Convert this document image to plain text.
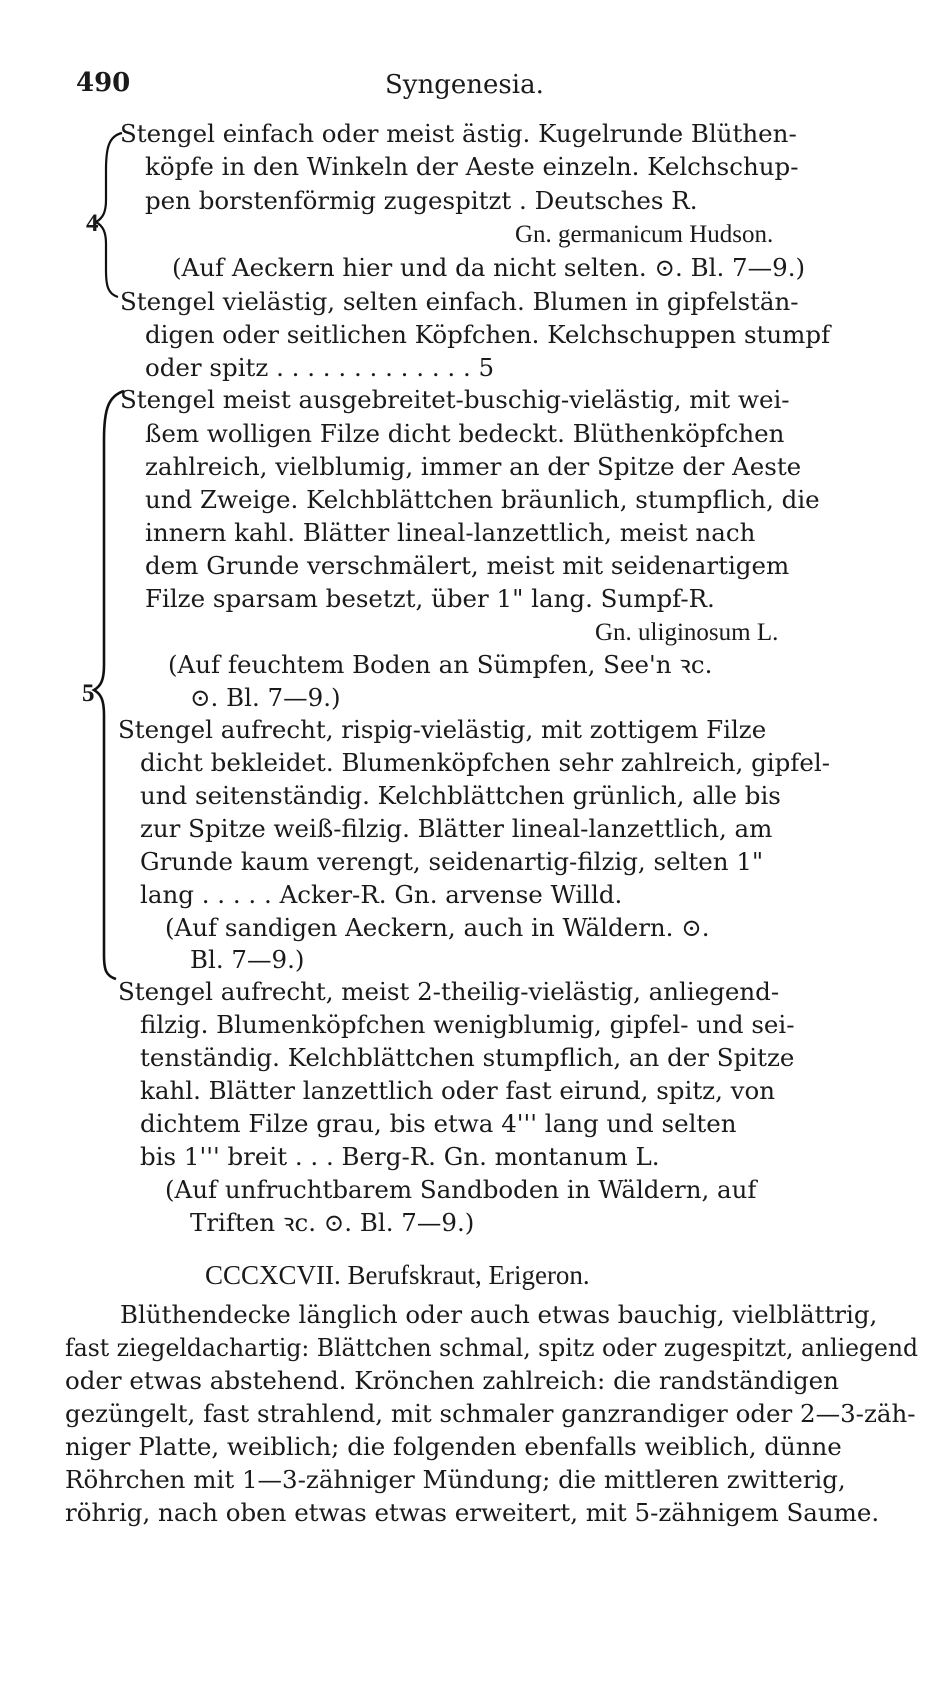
490	Syngenesia.
4
5
Stengel einfach oder meist ästig. Kugelrunde Blüthen-
köpfe in den Winkeln der Aeste einzeln. Kelchschup-
pen borstenförmig zugespitzt . Deutsches R.
Gn. germanicum Hudson.
(Auf Aeckern hier und da nicht selten. ⊙. Bl. 7—9.)
Stengel vielästig, selten einfach. Blumen in gipfelstän-
digen oder seitlichen Köpfchen. Kelchschuppen stumpf
oder spitz . . . . . . . . . . . . . 5
Stengel meist ausgebreitet-buschig-vielästig, mit wei-
ßem wolligen Filze dicht bedeckt. Blüthenköpfchen
zahlreich, vielblumig, immer an der Spitze der Aeste
und Zweige. Kelchblättchen bräunlich, stumpflich, die
innern kahl. Blätter lineal-lanzettlich, meist nach
dem Grunde verschmälert, meist mit seidenartigem
Filze sparsam besetzt, über 1" lang. Sumpf-R.
Gn. uliginosum L.
(Auf feuchtem Boden an Sümpfen, See'n ꝛc.
⊙. Bl. 7—9.)
Stengel aufrecht, rispig-vielästig, mit zottigem Filze
dicht bekleidet. Blumenköpfchen sehr zahlreich, gipfel-
und seitenständig. Kelchblättchen grünlich, alle bis
zur Spitze weiß-filzig. Blätter lineal-lanzettlich, am
Grunde kaum verengt, seidenartig-filzig, selten 1"
lang . . . . . Acker-R. Gn. arvense Willd.
(Auf sandigen Aeckern, auch in Wäldern. ⊙.
Bl. 7—9.)
Stengel aufrecht, meist 2-theilig-vielästig, anliegend-
filzig. Blumenköpfchen wenigblumig, gipfel- und sei-
tenständig. Kelchblättchen stumpflich, an der Spitze
kahl. Blätter lanzettlich oder fast eirund, spitz, von
dichtem Filze grau, bis etwa 4''' lang und selten
bis 1''' breit . . . Berg-R. Gn. montanum L.
(Auf unfruchtbarem Sandboden in Wäldern, auf
Triften ꝛc. ⊙. Bl. 7—9.)
CCCXCVII. Berufskraut, Erigeron.
Blüthendecke länglich oder auch etwas bauchig, vielblättrig,
fast ziegeldachartig: Blättchen schmal, spitz oder zugespitzt, anliegend
oder etwas abstehend. Krönchen zahlreich: die randständigen
gezüngelt, fast strahlend, mit schmaler ganzrandiger oder 2—3-zäh-
niger Platte, weiblich; die folgenden ebenfalls weiblich, dünne
Röhrchen mit 1—3-zähniger Mündung; die mittleren zwitterig,
röhrig, nach oben etwas etwas erweitert, mit 5-zähnigem Saume.
